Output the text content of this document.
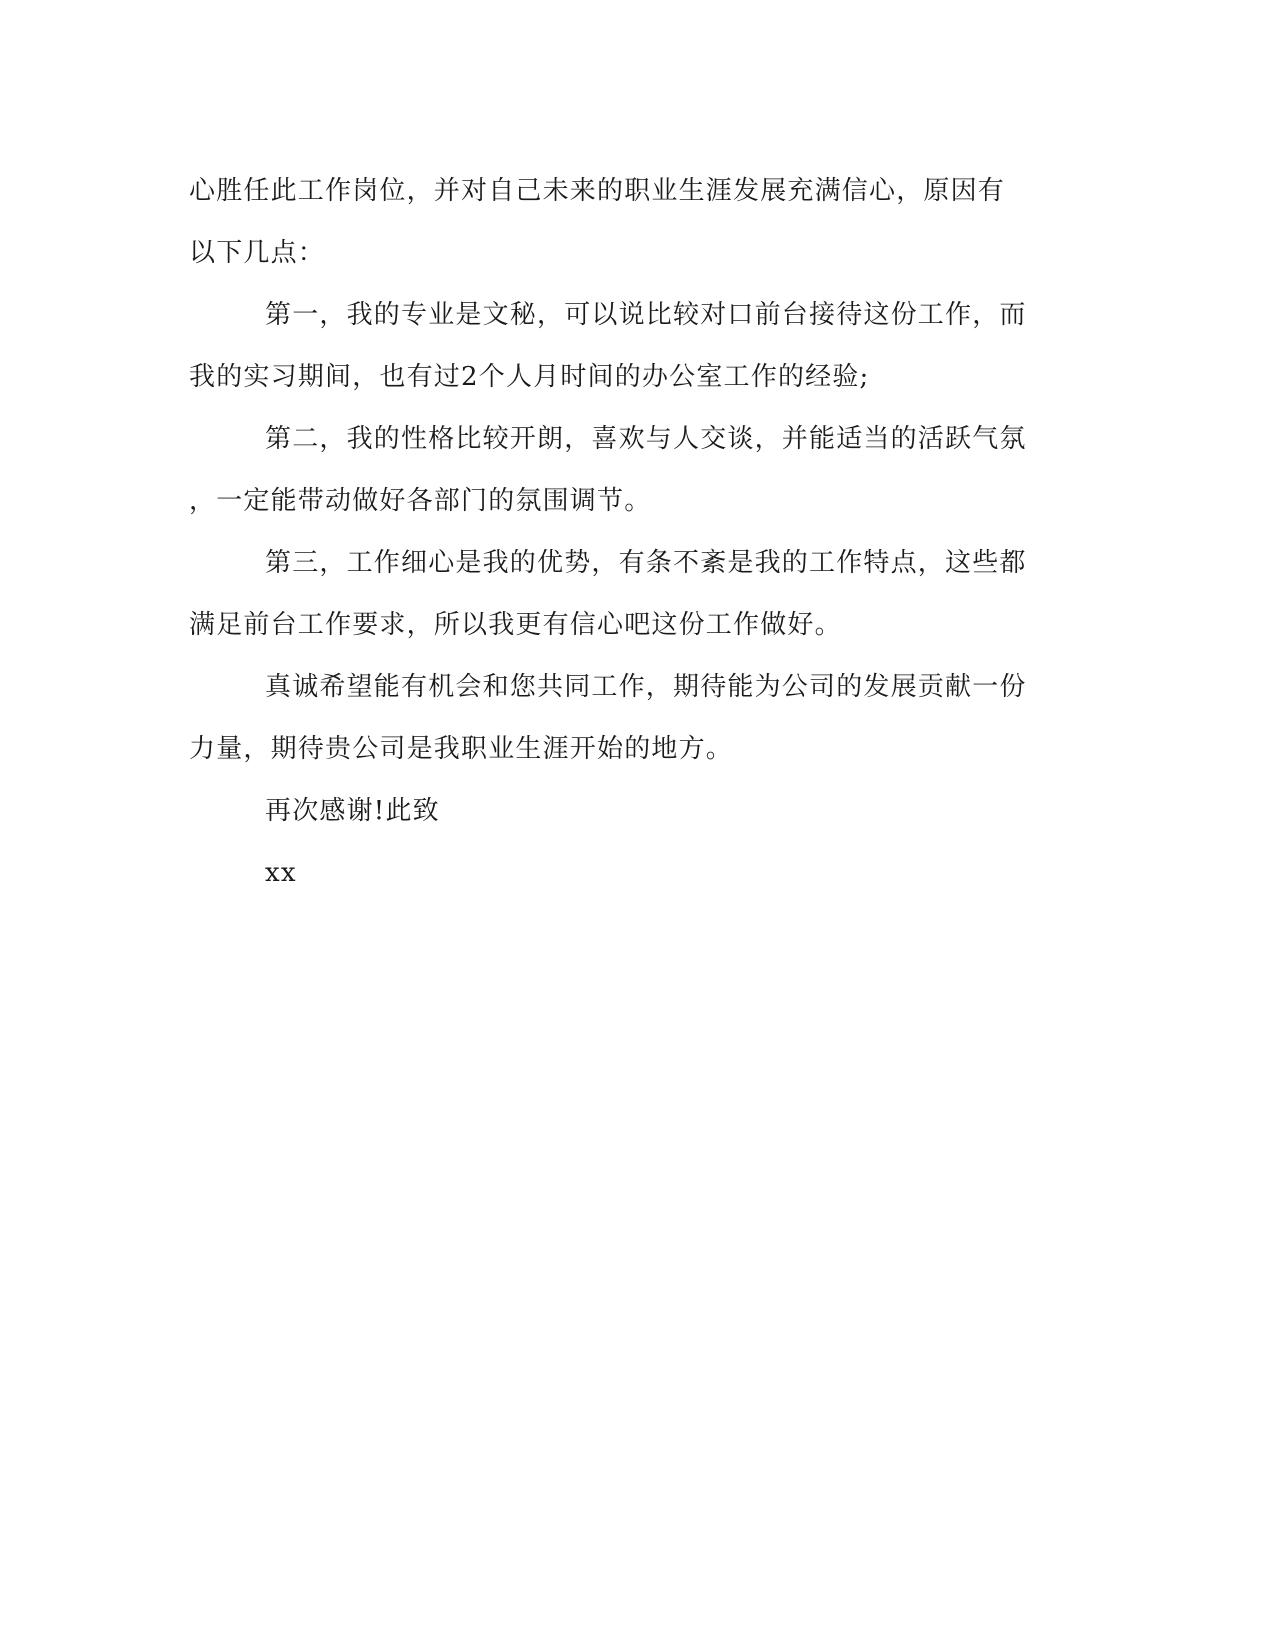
心胜任此工作岗位，并对自己未来的职业生涯发展充满信心，原因有
以下几点：
第一，我的专业是文秘，可以说比较对口前台接待这份工作，而
我的实习期间，也有过2个人月时间的办公室工作的经验;
第二，我的性格比较开朗，喜欢与人交谈，并能适当的活跃气氛
，一定能带动做好各部门的氛围调节。
第三，工作细心是我的优势，有条不紊是我的工作特点，这些都
满足前台工作要求，所以我更有信心吧这份工作做好。
真诚希望能有机会和您共同工作，期待能为公司的发展贡献一份
力量，期待贵公司是我职业生涯开始的地方。
再次感谢!此致
xx
